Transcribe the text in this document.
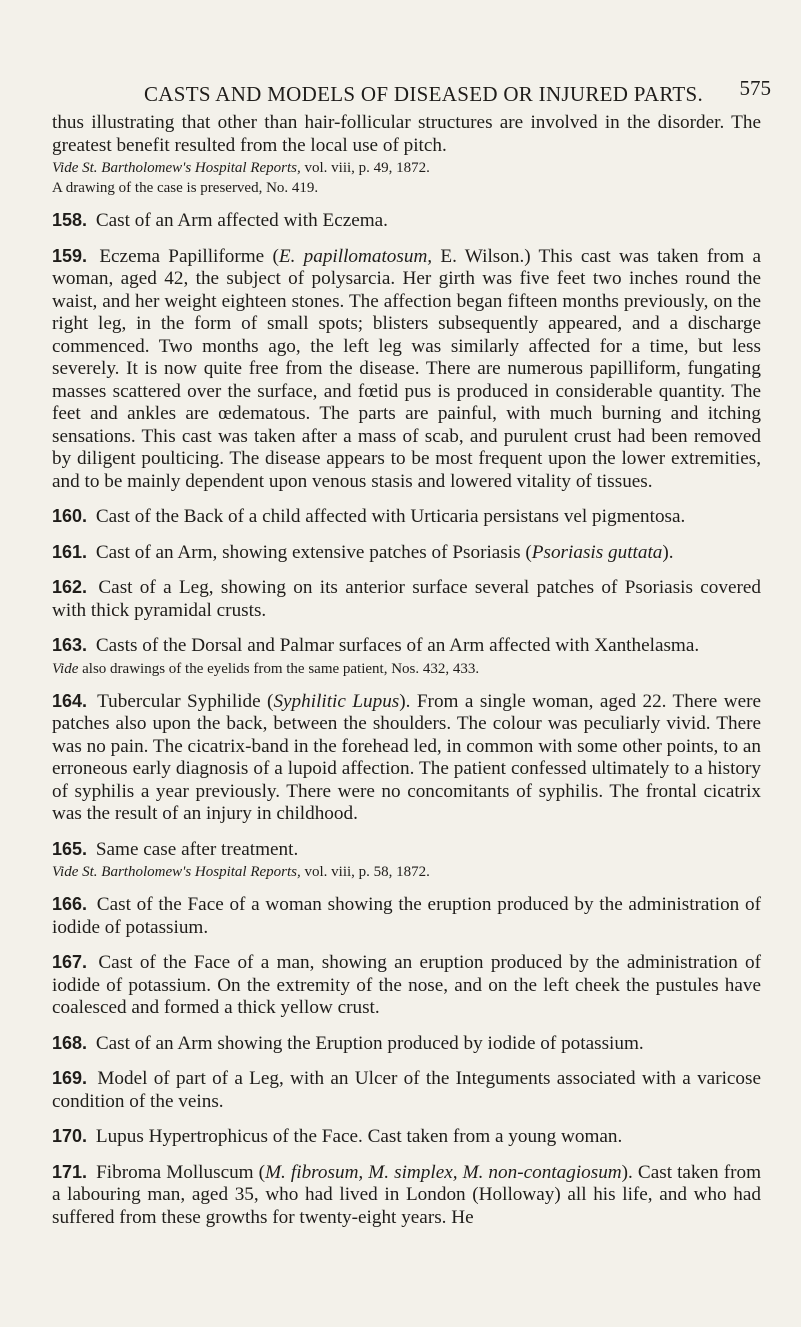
CASTS AND MODELS OF DISEASED OR INJURED PARTS. 575

thus illustrating that other than hair-follicular structures are involved in the disorder. The greatest benefit resulted from the local use of pitch.

Vide St. Bartholomew's Hospital Reports, vol. viii, p. 49, 1872.

A drawing of the case is preserved, No. 419.

158. Cast of an Arm affected with Eczema.

159. Eczema Papilliforme (E. papillomatosum, E. Wilson.) This cast was taken from a woman, aged 42, the subject of polysarcia. Her girth was five feet two inches round the waist, and her weight eighteen stones. The affection began fifteen months previously, on the right leg, in the form of small spots; blisters subsequently appeared, and a discharge commenced. Two months ago, the left leg was similarly affected for a time, but less severely. It is now quite free from the disease. There are numerous papilliform, fungating masses scattered over the surface, and fœtid pus is produced in considerable quantity. The feet and ankles are œdematous. The parts are painful, with much burning and itching sensations. This cast was taken after a mass of scab, and purulent crust had been removed by diligent poulticing. The disease appears to be most frequent upon the lower extremities, and to be mainly dependent upon venous stasis and lowered vitality of tissues.

160. Cast of the Back of a child affected with Urticaria persistans vel pigmentosa.

161. Cast of an Arm, showing extensive patches of Psoriasis (Psoriasis guttata).

162. Cast of a Leg, showing on its anterior surface several patches of Psoriasis covered with thick pyramidal crusts.

163. Casts of the Dorsal and Palmar surfaces of an Arm affected with Xanthelasma.

Vide also drawings of the eyelids from the same patient, Nos. 432, 433.

164. Tubercular Syphilide (Syphilitic Lupus). From a single woman, aged 22. There were patches also upon the back, between the shoulders. The colour was peculiarly vivid. There was no pain. The cicatrix-band in the forehead led, in common with some other points, to an erroneous early diagnosis of a lupoid affection. The patient confessed ultimately to a history of syphilis a year previously. There were no concomitants of syphilis. The frontal cicatrix was the result of an injury in childhood.

165. Same case after treatment.

Vide St. Bartholomew's Hospital Reports, vol. viii, p. 58, 1872.

166. Cast of the Face of a woman showing the eruption produced by the administration of iodide of potassium.

167. Cast of the Face of a man, showing an eruption produced by the administration of iodide of potassium. On the extremity of the nose, and on the left cheek the pustules have coalesced and formed a thick yellow crust.

168. Cast of an Arm showing the Eruption produced by iodide of potassium.

169. Model of part of a Leg, with an Ulcer of the Integuments associated with a varicose condition of the veins.

170. Lupus Hypertrophicus of the Face. Cast taken from a young woman.

171. Fibroma Molluscum (M. fibrosum, M. simplex, M. non-contagiosum). Cast taken from a labouring man, aged 35, who had lived in London (Holloway) all his life, and who had suffered from these growths for twenty-eight years. He
